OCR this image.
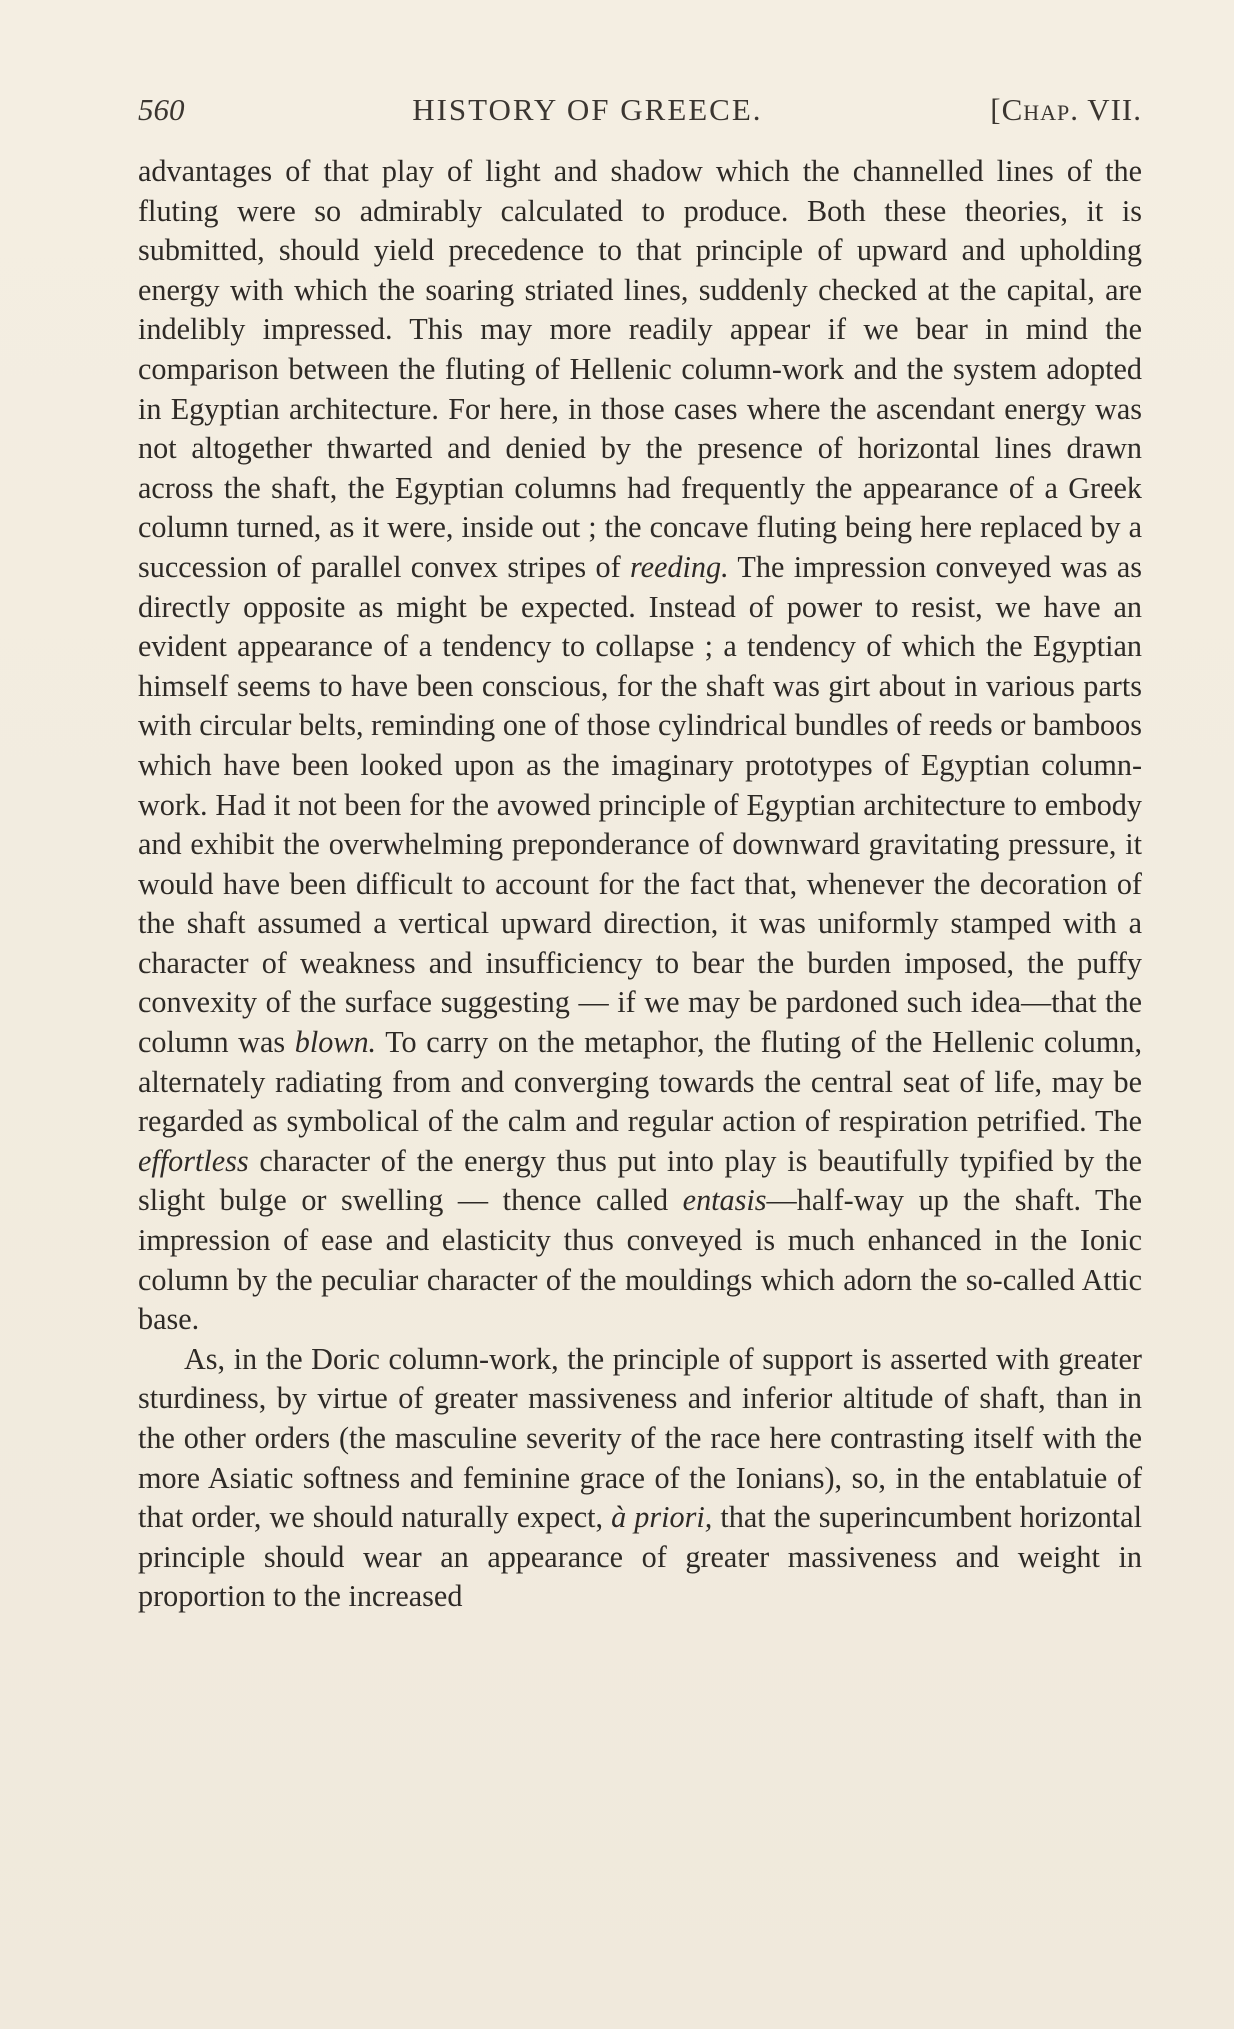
560	HISTORY OF GREECE.	[Chap. VII.

advantages of that play of light and shadow which the channelled lines of the fluting were so admirably calculated to produce. Both these theories, it is submitted, should yield precedence to that principle of upward and upholding energy with which the soaring striated lines, suddenly checked at the capital, are indelibly impressed. This may more readily appear if we bear in mind the comparison between the fluting of Hellenic column-work and the system adopted in Egyptian architecture. For here, in those cases where the ascendant energy was not altogether thwarted and denied by the presence of horizontal lines drawn across the shaft, the Egyptian columns had frequently the appearance of a Greek column turned, as it were, inside out ; the concave fluting being here replaced by a succession of parallel convex stripes of reeding. The impression conveyed was as directly opposite as might be expected. Instead of power to resist, we have an evident appearance of a tendency to collapse ; a tendency of which the Egyptian himself seems to have been conscious, for the shaft was girt about in various parts with circular belts, reminding one of those cylindrical bundles of reeds or bamboos which have been looked upon as the imaginary prototypes of Egyptian column-work. Had it not been for the avowed principle of Egyptian architecture to embody and exhibit the overwhelming preponderance of downward gravitating pressure, it would have been difficult to account for the fact that, whenever the decoration of the shaft assumed a vertical upward direction, it was uniformly stamped with a character of weakness and insufficiency to bear the burden imposed, the puffy convexity of the surface suggesting — if we may be pardoned such idea—that the column was blown. To carry on the metaphor, the fluting of the Hellenic column, alternately radiating from and converging towards the central seat of life, may be regarded as symbolical of the calm and regular action of respiration petrified. The effortless character of the energy thus put into play is beautifully typified by the slight bulge or swelling — thence called entasis—half-way up the shaft. The impression of ease and elasticity thus conveyed is much enhanced in the Ionic column by the peculiar character of the mouldings which adorn the so-called Attic base.

As, in the Doric column-work, the principle of support is asserted with greater sturdiness, by virtue of greater massiveness and inferior altitude of shaft, than in the other orders (the masculine severity of the race here contrasting itself with the more Asiatic softness and feminine grace of the Ionians), so, in the entablatuie of that order, we should naturally expect, à priori, that the superincumbent horizontal principle should wear an appearance of greater massiveness and weight in proportion to the increased
